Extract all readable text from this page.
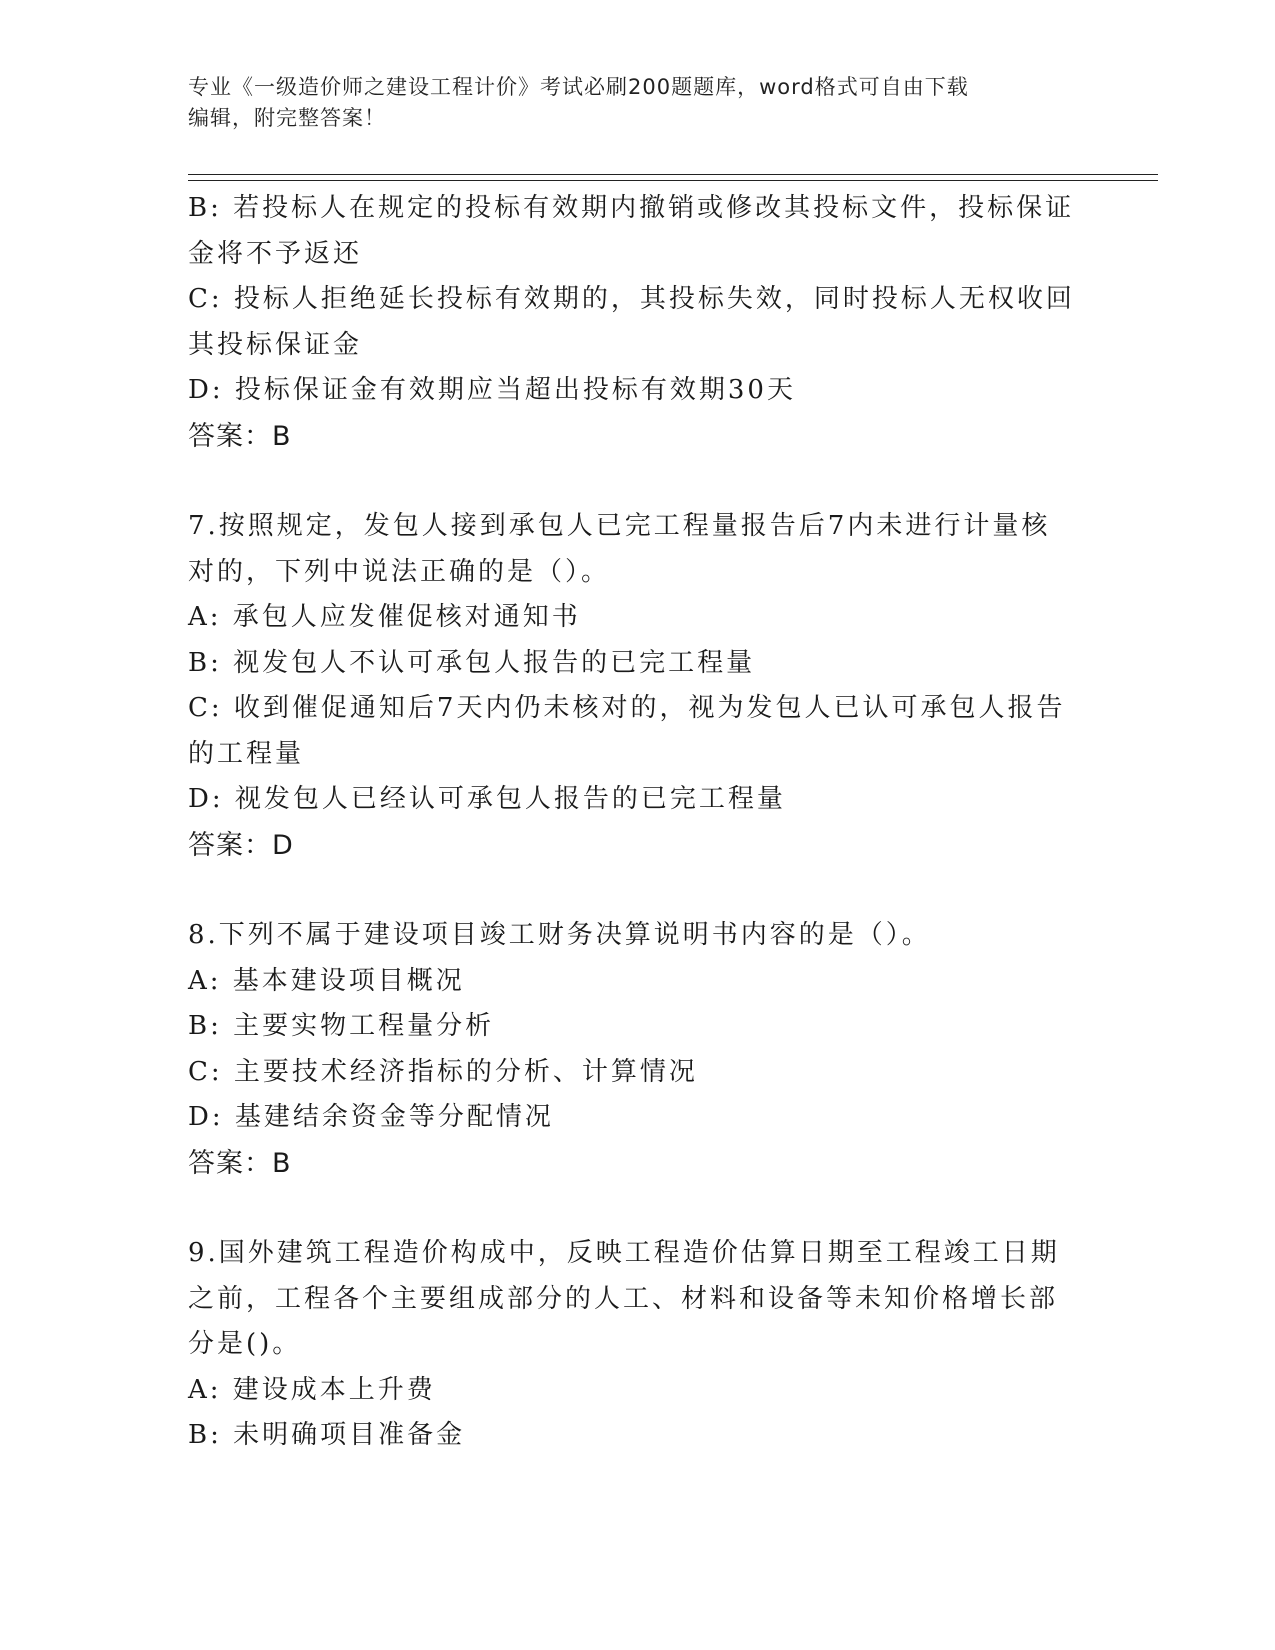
专业《一级造价师之建设工程计价》考试必刷200题题库，word格式可自由下载
编辑，附完整答案！
B: 若投标人在规定的投标有效期内撤销或修改其投标文件，投标保证
金将不予返还
C: 投标人拒绝延长投标有效期的，其投标失效，同时投标人无权收回
其投标保证金
D: 投标保证金有效期应当超出投标有效期30天
答案：B
7.按照规定，发包人接到承包人已完工程量报告后7内未进行计量核
对的，下列中说法正确的是（）。
A: 承包人应发催促核对通知书
B: 视发包人不认可承包人报告的已完工程量
C: 收到催促通知后7天内仍未核对的，视为发包人已认可承包人报告
的工程量
D: 视发包人已经认可承包人报告的已完工程量
答案：D
8.下列不属于建设项目竣工财务决算说明书内容的是（）。
A: 基本建设项目概况
B: 主要实物工程量分析
C: 主要技术经济指标的分析、计算情况
D: 基建结余资金等分配情况
答案：B
9.国外建筑工程造价构成中，反映工程造价估算日期至工程竣工日期
之前，工程各个主要组成部分的人工、材料和设备等未知价格增长部
分是()。
A: 建设成本上升费
B: 未明确项目准备金
